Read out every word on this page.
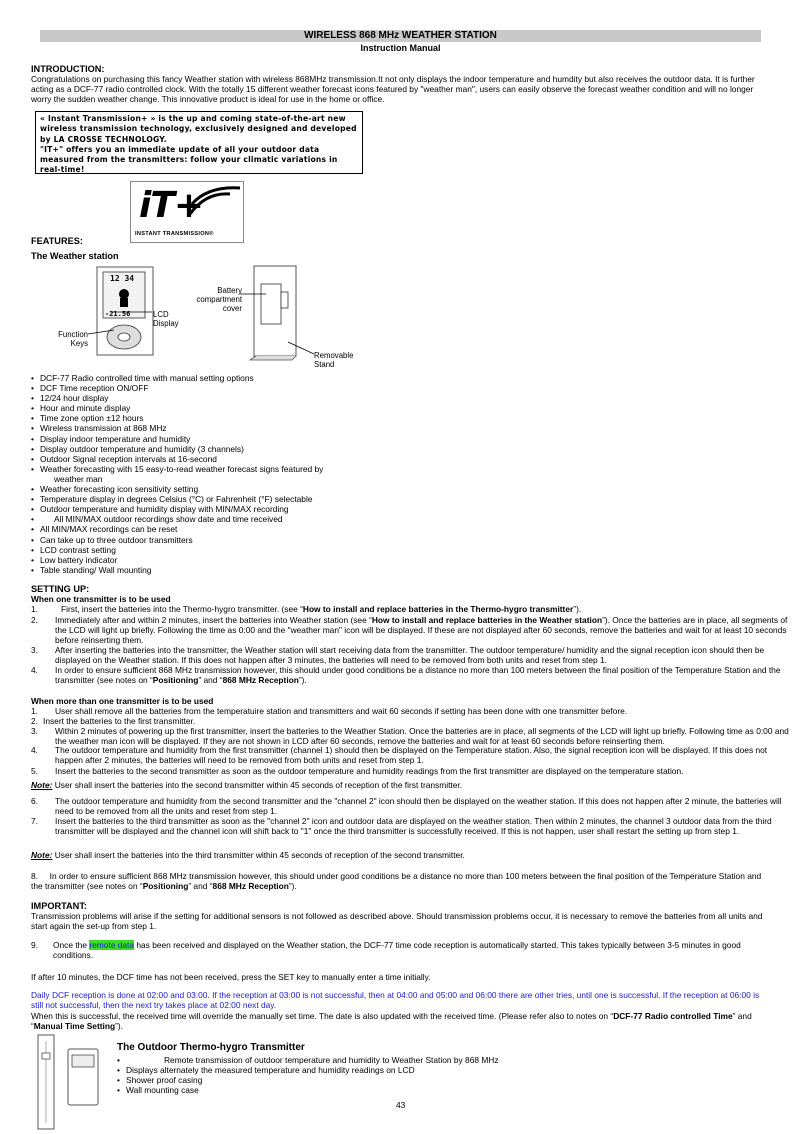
WIRELESS 868 MHz WEATHER STATION
Instruction Manual
INTRODUCTION:
Congratulations on purchasing this fancy Weather station with wireless 868MHz transmission.It not only displays the indoor temperature and humdity but also receives the outdoor data. It is further acting as a DCF-77 radio controlled clock. With the totally 15 different weather forecast icons featured by "weather man", users can easily observe the forecast weather condition and will no longer worry the sudden weather change. This innovative product is ideal for use in the home or office.
« Instant Transmission+ » is the up and coming state-of-the-art new wireless transmission technology, exclusively designed and developed by LA CROSSE TECHNOLOGY.
"IT+" offers you an immediate update of all your outdoor data measured from the transmitters: follow your climatic variations in real-time!
iT+
INSTANT TRANSMISSION®
FEATURES:
The Weather station
12 34
-21.56	LCD Display
Function Keys
Battery compartment cover
Removable Stand
• DCF-77 Radio controlled time with manual setting options
• DCF Time reception ON/OFF
• 12/24 hour display
• Hour and minute display
• Time zone option ±12 hours
• Wireless transmission at 868 MHz
• Display indoor temperature and humidity
• Display outdoor temperature and humidity (3 channels)
• Outdoor Signal reception intervals at 16-second
• Weather forecasting with 15 easy-to-read weather forecast signs featured by
weather man
• Weather forecasting icon sensitivity setting
• Temperature display in degrees Celsius (°C) or Fahrenheit (°F) selectable
• Outdoor temperature and humidity display with MIN/MAX recording
• All MIN/MAX outdoor recordings show date and time received
• All MIN/MAX recordings can be reset
• Can take up to three outdoor transmitters
• LCD contrast setting
• Low battery indicator
• Table standing/ Wall mounting
SETTING UP:
When one transmitter is to be used
1.	First, insert the batteries into the Thermo-hygro transmitter. (see “How to install and replace batteries in the Thermo-hygro transmitter”).
2. Immediately after and within 2 minutes, insert the batteries into Weather station (see “How to install and replace batteries in the Weather station”). Once the batteries are in place, all segments of the LCD will light up briefly. Following the time as 0:00 and the "weather man" icon will be displayed. If these are not displayed after 60 seconds, remove the batteries and wait for at least 10 seconds before reinserting them.
3. After inserting the batteries into the transmitter, the Weather station will start receiving data from the transmitter. The outdoor temperature/ humidity and the signal reception icon should then be displayed on the Weather station. If this does not happen after 3 minutes, the batteries will need to be removed from both units and reset from step 1.
4. In order to ensure sufficient 868 MHz transmission however, this should under good conditions be a distance no more than 100 meters between the final position of the Temperature Station and the transmitter (see notes on “Positioning” and “868 MHz Reception”).
When more than one transmitter is to be used
1. User shall remove all the batteries from the temperatuire station and transmitters and wait 60 seconds if setting has been done with one transmitter before.
2. Insert the batteries to the first transmitter.
3. Within 2 minutes of powering up the first transmitter, insert the batteries to the Weather Station. Once the batteries are in place, all segments of the LCD will light up briefly. Following time as 0:00 and the weather man icon will be displayed. If they are not shown in LCD after 60 seconds, remove the batteries and wait for at least 60 seconds before reinserting them.
4. The outdoor temperature and humidity from the first transmitter (channel 1) should then be displayed on the Temperature station. Also, the signal reception icon will be displayed. If this does not happen after 2 minutes, the batteries will need to be removed from both units and reset from step 1.
5. Insert the batteries to the second transmitter as soon as the outdoor temperature and humidity readings from the first transmitter are displayed on the temperature station.
Note: User shall insert the batteries into the second transmitter within 45 seconds of reception of the first transmitter.
6. The outdoor temperature and humidity from the second transmitter and the "channel 2" icon should then be displayed on the weather station. If this does not happen after 2 minute, the batteries will need to be removed from all the units and reset from step 1.
7. Insert the batteries to the third transmitter as soon as the "channel 2" icon and outdoor data are displayed on the weather station. Then within 2 minutes, the channel 3 outdoor data from the third transmitter will be displayed and the channel icon will shift back to "1" once the third transmitter is successfully received. If this is not happen, user shall restart the setting up from step 1.
Note: User shall insert the batteries into the third transmitter within 45 seconds of reception of the second transmitter.
8. In order to ensure sufficient 868 MHz transmission however, this should under good conditions be a distance no more than 100 meters between the final position of the Temperature Station and the transmitter (see notes on “Positioning” and “868 MHz Reception”).
IMPORTANT:
Transmission problems will arise if the setting for additional sensors is not followed as described above. Should transmission problems occur, it is necessary to remove the batteries from all units and start again the set-up from step 1.
9. Once the remote data has been received and displayed on the Weather station, the DCF-77 time code reception is automatically started. This takes typically between 3-5 minutes in good conditions.
If after 10 minutes, the DCF time has not been received, press the SET key to manually enter a time initially.
Daily DCF reception is done at 02:00 and 03:00. If the reception at 03:00 is not successful, then at 04:00 and 05:00 and 06:00 there are other tries, until one is successful. If the reception at 06:00 is still not successful, then the next try takes place at 02:00 next day.
When this is successful, the received time will override the manually set time. The date is also updated with the received time. (Please refer also to notes on “DCF-77 Radio controlled Time” and “Manual Time Setting”).
The Outdoor Thermo-hygro Transmitter
• Remote transmission of outdoor temperature and humidity to Weather Station by 868 MHz
• Displays alternately the measured temperature and humidity readings on LCD
• Shower proof casing
• Wall mounting case
43
